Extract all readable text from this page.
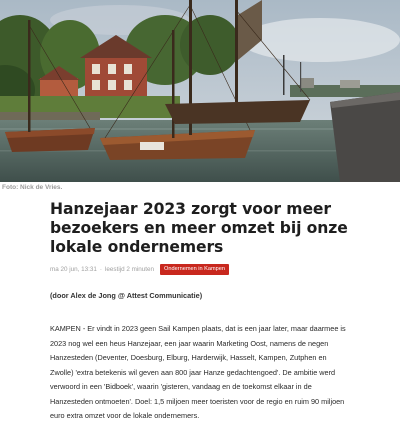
Foto: Nick de Vries.
Hanzejaar 2023 zorgt voor meer bezoekers en meer omzet bij onze lokale ondernemers
ma 20 jun, 13:31 · leestijd 2 minuten	Ondernemen in Kampen

(door Alex de Jong @ Attest Communicatie)

KAMPEN - Er vindt in 2023 geen Sail Kampen plaats, dat is een jaar later, maar daarmee is 2023 nog wel een heus Hanzejaar, een jaar waarin Marketing Oost, namens de negen Hanzesteden (Deventer, Doesburg, Elburg, Harderwijk, Hasselt, Kampen, Zutphen en Zwolle) 'extra betekenis wil geven aan 800 jaar Hanze gedachtengoed'. De ambitie werd verwoord in een 'Bidboek', waarin 'gisteren, vandaag en de toekomst elkaar in de Hanzesteden ontmoeten'. Doel: 1,5 miljoen meer toeristen voor de regio en ruim 90 miljoen euro extra omzet voor de lokale ondernemers.
